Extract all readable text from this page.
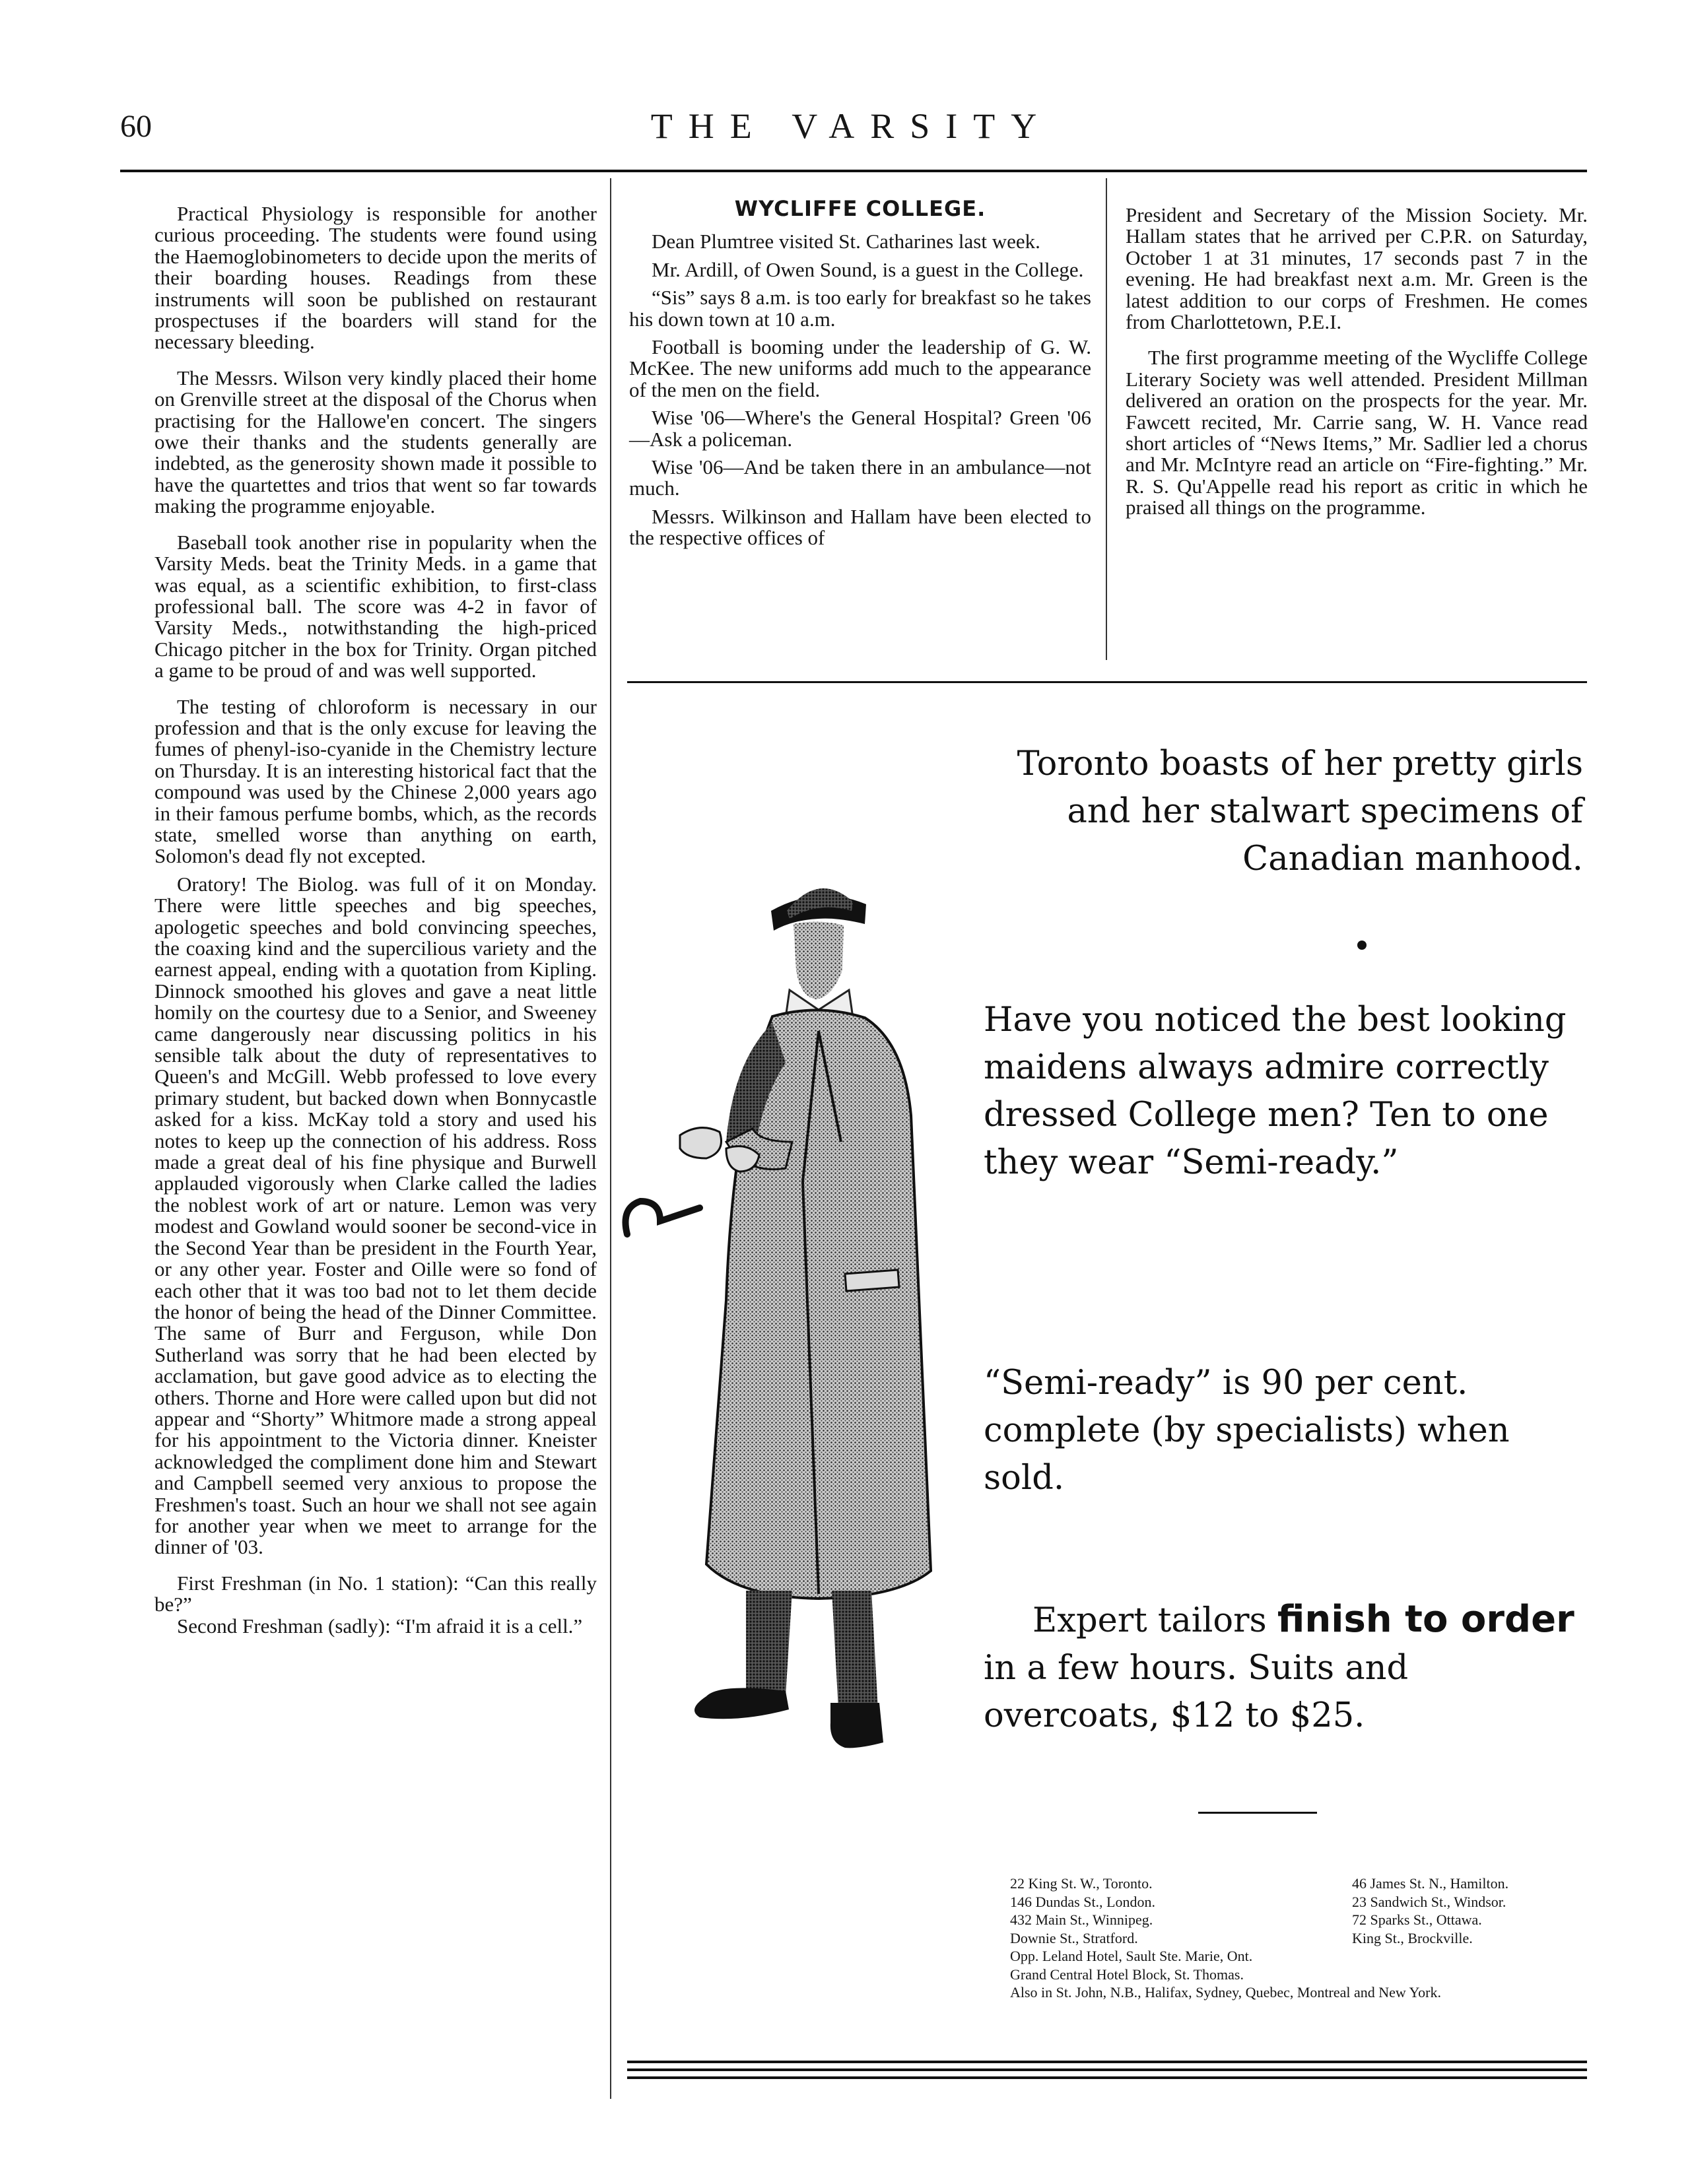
60	THE VARSITY

Practical Physiology is responsible for another curious proceeding. The students were found using the Haemoglobinometers to decide upon the merits of their boarding houses. Readings from these instruments will soon be published on restaurant prospectuses if the boarders will stand for the necessary bleeding.

The Messrs. Wilson very kindly placed their home on Grenville street at the disposal of the Chorus when practising for the Hallowe'en concert. The singers owe their thanks and the students generally are indebted, as the generosity shown made it possible to have the quartettes and trios that went so far towards making the programme enjoyable.

Baseball took another rise in popularity when the Varsity Meds. beat the Trinity Meds. in a game that was equal, as a scientific exhibition, to first-class professional ball. The score was 4-2 in favor of Varsity Meds., notwithstanding the high-priced Chicago pitcher in the box for Trinity. Organ pitched a game to be proud of and was well supported.

The testing of chloroform is necessary in our profession and that is the only excuse for leaving the fumes of phenyl-iso-cyanide in the Chemistry lecture on Thursday. It is an interesting historical fact that the compound was used by the Chinese 2,000 years ago in their famous perfume bombs, which, as the records state, smelled worse than anything on earth, Solomon's dead fly not excepted.

Oratory! The Biolog. was full of it on Monday. There were little speeches and big speeches, apologetic speeches and bold convincing speeches, the coaxing kind and the supercilious variety and the earnest appeal, ending with a quotation from Kipling. Dinnock smoothed his gloves and gave a neat little homily on the courtesy due to a Senior, and Sweeney came dangerously near discussing politics in his sensible talk about the duty of representatives to Queen's and McGill. Webb professed to love every primary student, but backed down when Bonnycastle asked for a kiss. McKay told a story and used his notes to keep up the connection of his address. Ross made a great deal of his fine physique and Burwell applauded vigorously when Clarke called the ladies the noblest work of art or nature. Lemon was very modest and Gowland would sooner be second-vice in the Second Year than be president in the Fourth Year, or any other year. Foster and Oille were so fond of each other that it was too bad not to let them decide the honor of being the head of the Dinner Committee. The same of Burr and Ferguson, while Don Sutherland was sorry that he had been elected by acclamation, but gave good advice as to electing the others. Thorne and Hore were called upon but did not appear and “Shorty” Whitmore made a strong appeal for his appointment to the Victoria dinner. Kneister acknowledged the compliment done him and Stewart and Campbell seemed very anxious to propose the Freshmen's toast. Such an hour we shall not see again for another year when we meet to arrange for the dinner of '03.

First Freshman (in No. 1 station): “Can this really be?”

Second Freshman (sadly): “I'm afraid it is a cell.”

WYCLIFFE COLLEGE.

Dean Plumtree visited St. Catharines last week.

Mr. Ardill, of Owen Sound, is a guest in the College.

“Sis” says 8 a.m. is too early for breakfast so he takes his down town at 10 a.m.

Football is booming under the leadership of G. W. McKee. The new uniforms add much to the appearance of the men on the field.

Wise '06—Where's the General Hospital? Green '06—Ask a policeman.

Wise '06—And be taken there in an ambulance—not much.

Messrs. Wilkinson and Hallam have been elected to the respective offices of

President and Secretary of the Mission Society. Mr. Hallam states that he arrived per C.P.R. on Saturday, October 1 at 31 minutes, 17 seconds past 7 in the evening. He had breakfast next a.m. Mr. Green is the latest addition to our corps of Freshmen. He comes from Charlottetown, P.E.I.

The first programme meeting of the Wycliffe College Literary Society was well attended. President Millman delivered an oration on the prospects for the year. Mr. Fawcett recited, Mr. Carrie sang, W. H. Vance read short articles of “News Items,” Mr. Sadlier led a chorus and Mr. McIntyre read an article on “Fire-fighting.” Mr. R. S. Qu'Appelle read his report as critic in which he praised all things on the programme.

Toronto boasts of her pretty girls and her stalwart specimens of Canadian manhood.
Have you noticed the best looking maidens always admire correctly dressed College men? Ten to one they wear “Semi-ready.”
“Semi-ready” is 90 per cent. complete (by specialists) when sold.
Expert tailors finish to order in a few hours. Suits and overcoats, $12 to $25.
22 King St. W., Toronto.
146 Dundas St., London.
432 Main St., Winnipeg.
Downie St., Stratford.
Opp. Leland Hotel, Sault Ste. Marie, Ont.
Grand Central Hotel Block, St. Thomas.
46 James St. N., Hamilton.
23 Sandwich St., Windsor.
72 Sparks St., Ottawa.
King St., Brockville.
Also in St. John, N.B., Halifax, Sydney, Quebec, Montreal and New York.
